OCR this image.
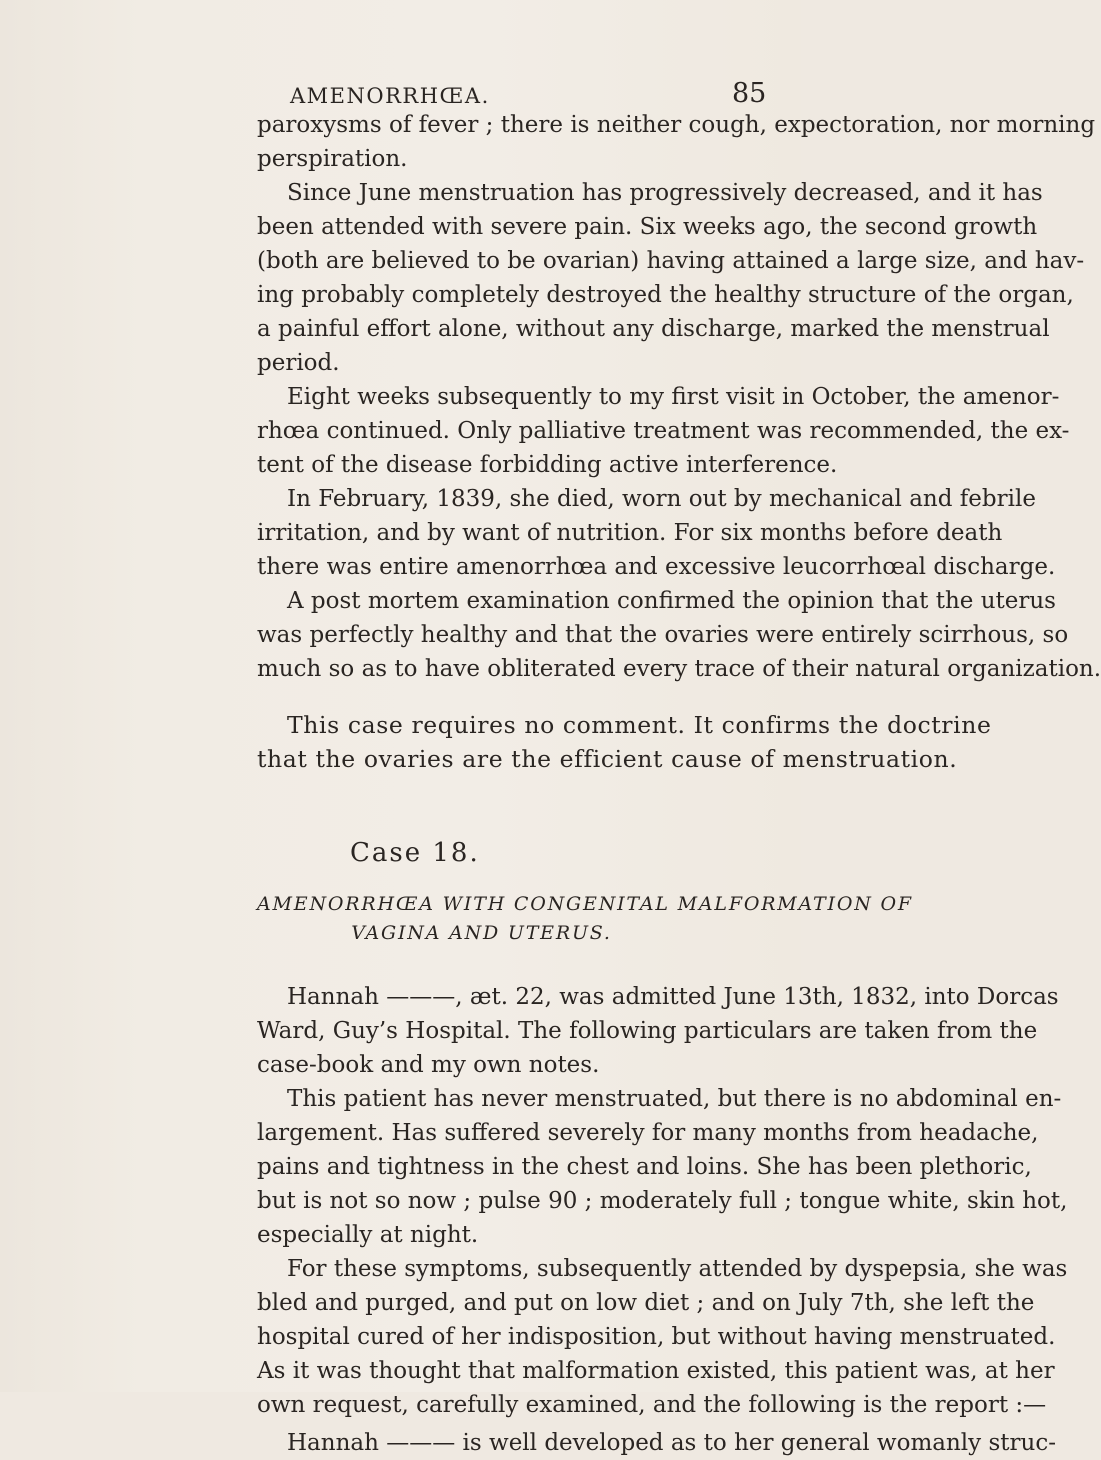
AMENORRHŒA.	85
paroxysms of fever ; there is neither cough, expectoration, nor morning
perspiration.
Since June menstruation has progressively decreased, and it has
been attended with severe pain. Six weeks ago, the second growth
(both are believed to be ovarian) having attained a large size, and hav-
ing probably completely destroyed the healthy structure of the organ,
a painful effort alone, without any discharge, marked the menstrual
period.
Eight weeks subsequently to my first visit in October, the amenor-
rhœa continued. Only palliative treatment was recommended, the ex-
tent of the disease forbidding active interference.
In February, 1839, she died, worn out by mechanical and febrile
irritation, and by want of nutrition. For six months before death
there was entire amenorrhœa and excessive leucorrhœal discharge.
A post mortem examination confirmed the opinion that the uterus
was perfectly healthy and that the ovaries were entirely scirrhous, so
much so as to have obliterated every trace of their natural organization.
This case requires no comment. It confirms the doctrine
that the ovaries are the efficient cause of menstruation.
Case 18.
AMENORRHŒA WITH CONGENITAL MALFORMATION OF
VAGINA AND UTERUS.
Hannah ———, æt. 22, was admitted June 13th, 1832, into Dorcas
Ward, Guy’s Hospital. The following particulars are taken from the
case-book and my own notes.
This patient has never menstruated, but there is no abdominal en-
largement. Has suffered severely for many months from headache,
pains and tightness in the chest and loins. She has been plethoric,
but is not so now ; pulse 90 ; moderately full ; tongue white, skin hot,
especially at night.
For these symptoms, subsequently attended by dyspepsia, she was
bled and purged, and put on low diet ; and on July 7th, she left the
hospital cured of her indisposition, but without having menstruated.
As it was thought that malformation existed, this patient was, at her
own request, carefully examined, and the following is the report :—
Hannah ——— is well developed as to her general womanly struc-
